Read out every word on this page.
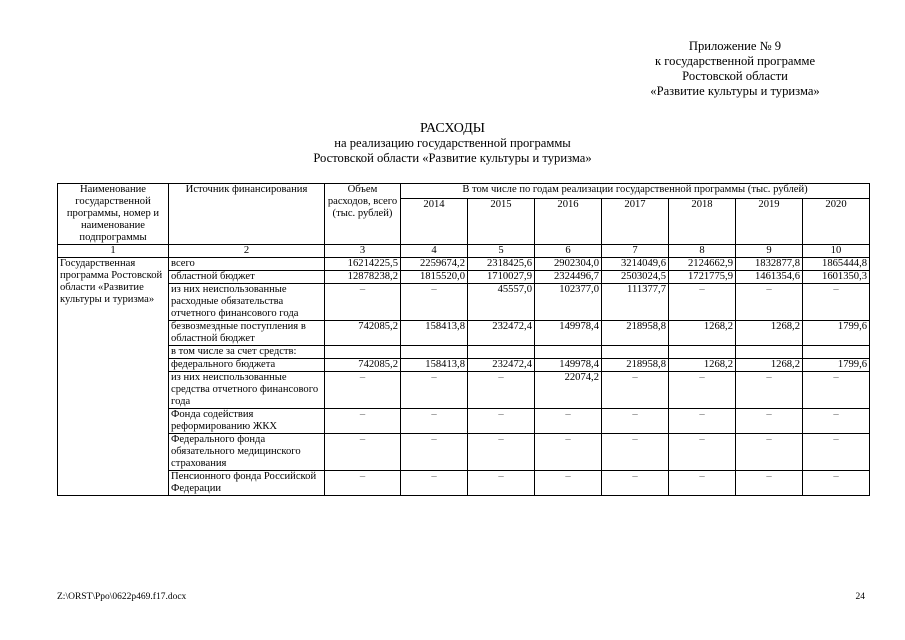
Приложение № 9
к государственной программе
Ростовской области
«Развитие культуры и туризма»
РАСХОДЫ
на реализацию государственной программы
Ростовской области «Развитие культуры и туризма»
Наименование государственной программы, номер и наименование подпрограммы	Источник финансирования	Объем расходов, всего (тыс. рублей)	В том числе по годам реализации государственной программы (тыс. рублей)						
			2014	2015	2016	2017	2018	2019	2020
1	2	3	4	5	6	7	8	9	10
Государственная программа Ростовской области «Развитие культуры и туризма»	всего	16214225,5	2259674,2	2318425,6	2902304,0	3214049,6	2124662,9	1832877,8	1865444,8
	областной бюджет	12878238,2	1815520,0	1710027,9	2324496,7	2503024,5	1721775,9	1461354,6	1601350,3
	из них неиспользованные расходные обязательства отчетного финансового года	–	–	45557,0	102377,0	111377,7	–	–	–
	безвозмездные поступления в областной бюджет	742085,2	158413,8	232472,4	149978,4	218958,8	1268,2	1268,2	1799,6
	в том числе за счет средств:								
	федерального бюджета	742085,2	158413,8	232472,4	149978,4	218958,8	1268,2	1268,2	1799,6
	из них неиспользованные средства отчетного финансового года	–	–	–	22074,2	–	–	–	–
	Фонда содействия реформированию ЖКХ	–	–	–	–	–	–	–	–
	Федерального фонда обязательного медицинского страхования	–	–	–	–	–	–	–	–
	Пенсионного фонда Российской Федерации	–	–	–	–	–	–	–	–
Z:\ORST\Ppo\0622p469.f17.docx	24
